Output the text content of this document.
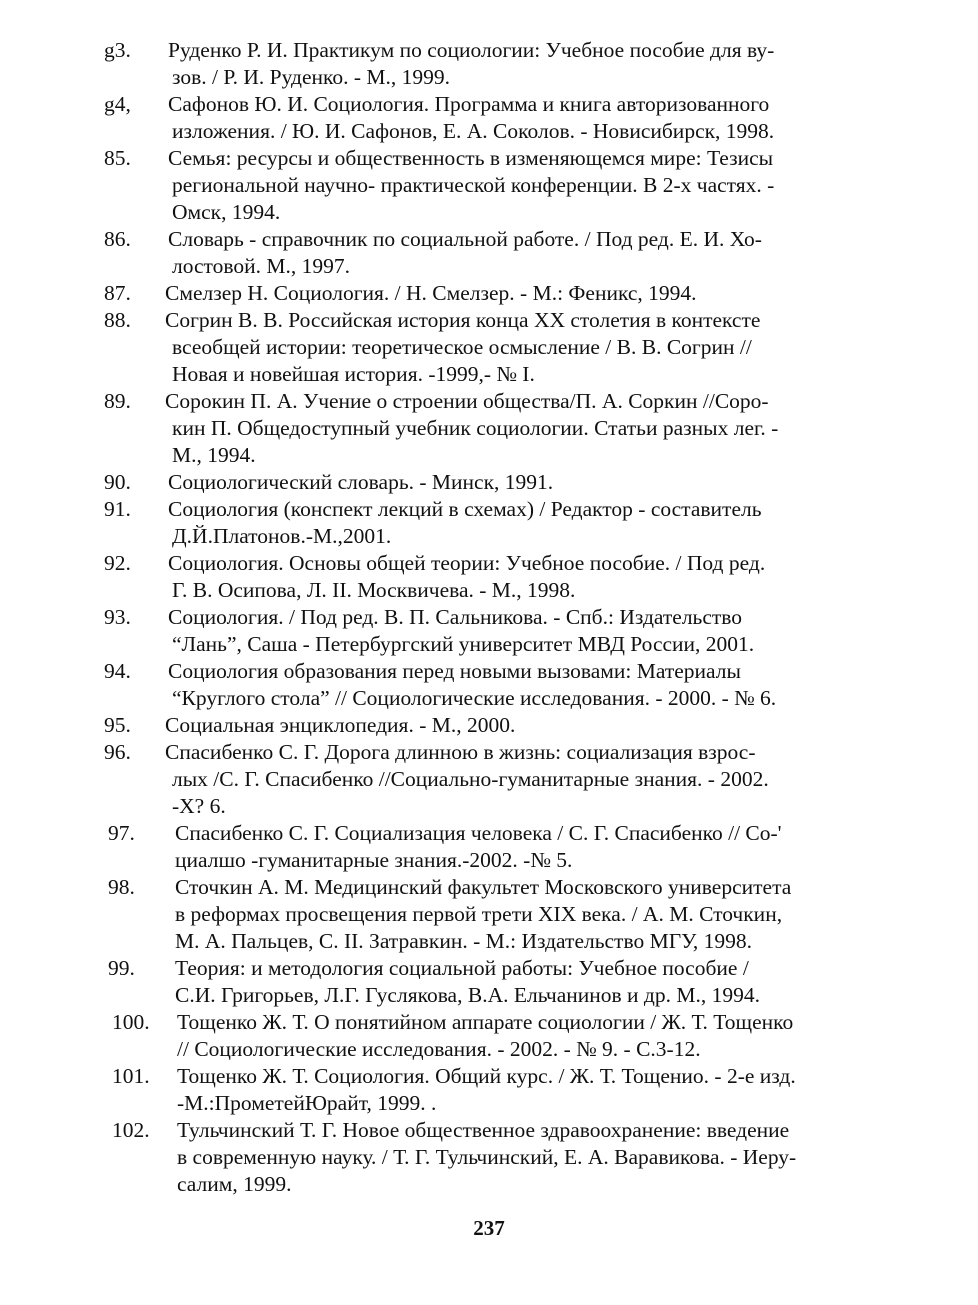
g3.	Руденко Р. И. Практикум по социологии: Учебное пособие для ву-
зов. / Р. И. Руденко. - М., 1999.
g4,	Сафонов Ю. И. Социология. Программа и книга авторизованного
изложения. / Ю. И. Сафонов, Е. А. Соколов. - Новисибирск, 1998.
85.	Семья: ресурсы и общественность в изменяющемся мире: Тезисы
региональной научно- практической конференции. В 2-х частях. -
Омск, 1994.
86.	Словарь - справочник по социальной работе. / Под ред. Е. И. Хо-
лостовой. М., 1997.
87.	Смелзер Н. Социология. / Н. Смелзер. - М.: Феникс, 1994.
88.	Согрин В. В. Российская история конца XX столетия в контексте
всеобщей истории: теоретическое осмысление / В. В. Согрин //
Новая и новейшая история. -1999,- № I.
89.	Сорокин П. А. Учение о строении общества/П. А. Соркин //Соро-
кин П. Общедоступный учебник социологии. Статьи разных лег. -
М., 1994.
90.	Социологический словарь. - Минск, 1991.
91.	Социология (конспект лекций в схемах) / Редактор - составитель
Д.Й.Платонов.-М.,2001.
92.	Социология. Основы общей теории: Учебное пособие. / Под ред.
Г. В. Осипова, Л. II. Москвичева. - М., 1998.
93.	Социология. / Под ред. В. П. Сальникова. - Спб.: Издательство
“Лань”, Саша - Петербургский университет МВД России, 2001.
94.	Социология образования перед новыми вызовами: Материалы
“Круглого стола” // Социологические исследования. - 2000. - № 6.
95.	Социальная энциклопедия. - М., 2000.
96.	Спасибенко С. Г. Дорога длинною в жизнь: социализация взрос-
лых /С. Г. Спасибенко //Социально-гуманитарные знания. - 2002.
-X? 6.
97.	Спасибенко С. Г. Социализация человека / С. Г. Спасибенко // Со-'
циалшо -гуманитарные знания.-2002. -№ 5.
98.	Сточкин А. М. Медицинский факультет Московского университета
в реформах просвещения первой трети XIX века. / А. М. Сточкин,
М. А. Пальцев, С. II. Затравкин. - М.: Издательство МГУ, 1998.
99.	Теория: и методология социальной работы: Учебное пособие /
С.И. Григорьев, Л.Г. Гуслякова, В.А. Ельчанинов и др. М., 1994.
100.	Тощенко Ж. Т. О понятийном аппарате социологии / Ж. Т. Тощенко
// Социологические исследования. - 2002. - № 9. - С.3-12.
101.	Тощенко Ж. Т. Социология. Общий курс. / Ж. Т. Тощенио. - 2-е изд.
-М.:ПрометейЮрайт, 1999. .
102.	Тульчинский Т. Г. Новое общественное здравоохранение: введение
в современную науку. / Т. Г. Тульчинский, Е. А. Варавикова. - Иеру-
салим, 1999.
237
